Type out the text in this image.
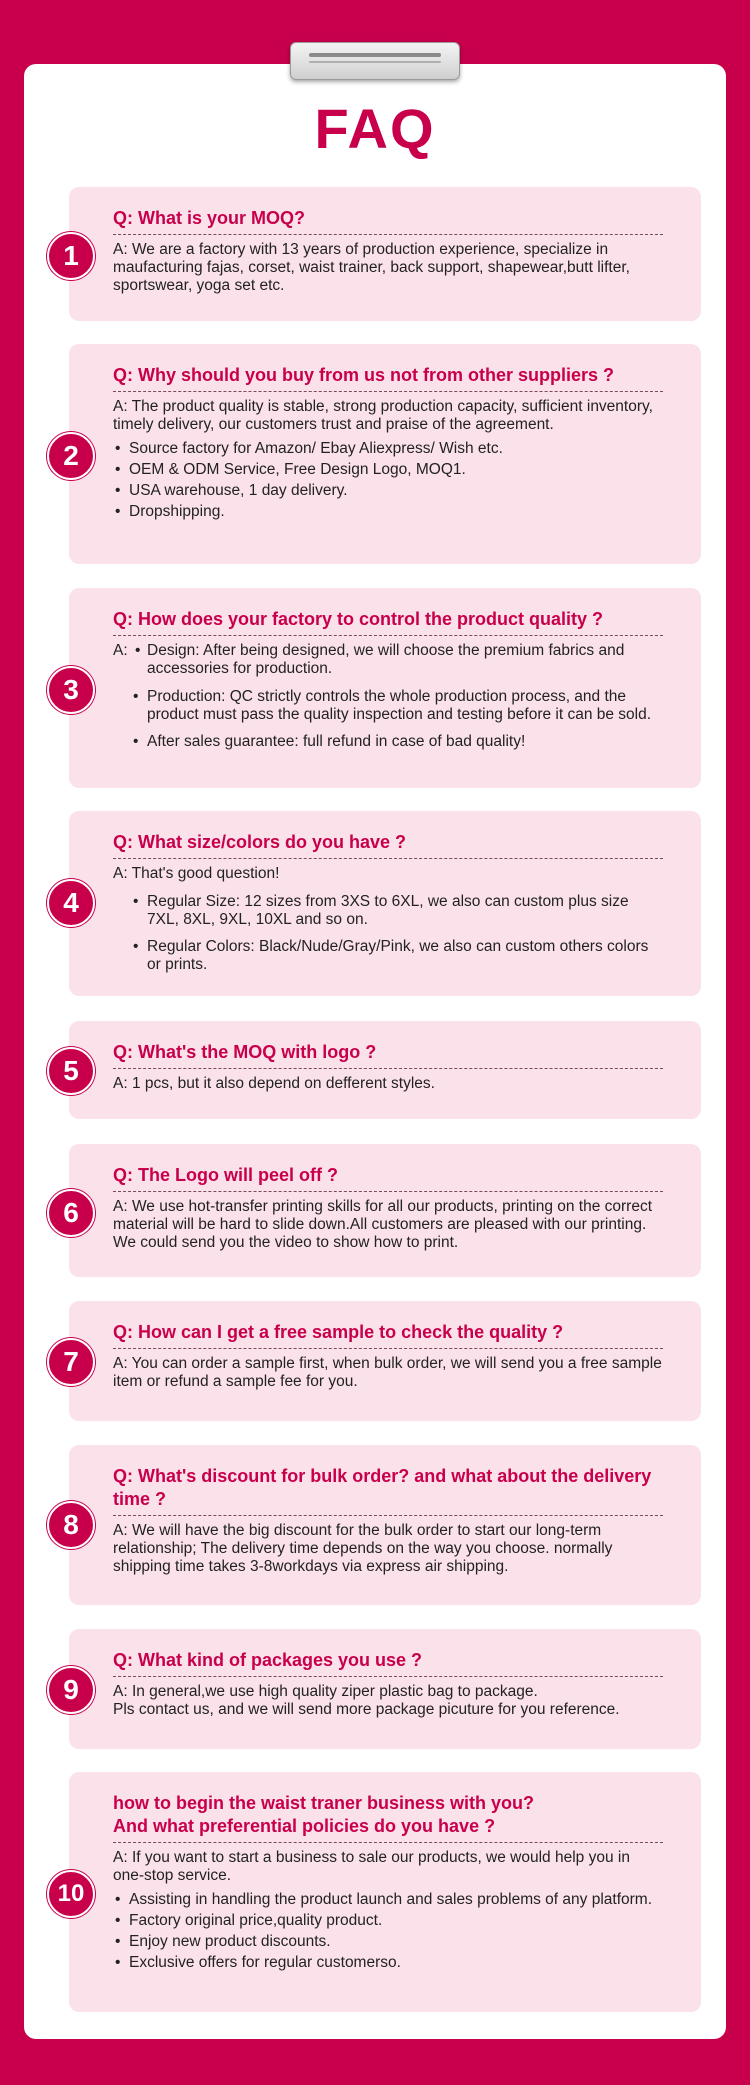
FAQ
1
Q: What is your MOQ?
A: We are a factory with 13 years of production experience, specialize in maufacturing fajas, corset, waist trainer, back support, shapewear,butt lifter, sportswear, yoga set etc.
2
Q: Why should you buy from us not from other suppliers ?
A: The product quality is stable, strong production capacity, sufficient inventory, timely delivery, our customers trust and praise of the agreement.
• Source factory for Amazon/ Ebay Aliexpress/ Wish etc.
• OEM & ODM Service, Free Design Logo, MOQ1.
• USA warehouse, 1 day delivery.
• Dropshipping.
3
Q: How does your factory to control the product quality ?
A:
•	Design: After being designed, we will choose the premium fabrics and accessories for production.
• Production: QC strictly controls the whole production process, and the product must pass the quality inspection and testing before it can be sold.
• After sales guarantee: full refund in case of bad quality!
4
Q: What size/colors do you have ?
A: That's good question!
• Regular Size: 12 sizes from 3XS to 6XL, we also can custom plus size 7XL, 8XL, 9XL, 10XL and so on.
• Regular Colors: Black/Nude/Gray/Pink, we also can custom others colors or prints.
5
Q: What's the MOQ with logo ?
A: 1 pcs, but it also depend on defferent styles.
6
Q: The Logo will peel off ?
A: We use hot-transfer printing skills for all our products, printing on the correct material will be hard to slide down.All customers are pleased with our printing. We could send you the video to show how to print.
7
Q: How can I get a free sample to check the quality ?
A: You can order a sample first, when bulk order, we will send you a free sample item or refund a sample fee for you.
8
Q: What's discount for bulk order? and what about the delivery time ?
A: We will have the big discount for the bulk order to start our long-term relationship; The delivery time depends on the way you choose. normally shipping time takes 3-8workdays via express air shipping.
9
Q: What kind of packages you use ?
A: In general,we use high quality ziper plastic bag to package.
Pls contact us, and we will send more package picuture for you reference.
10
how to begin the waist traner business with you?
And what preferential policies do you have ?
A: If you want to start a business to sale our products, we would help you in one-stop service.
• Assisting in handling the product launch and sales problems of any platform.
• Factory original price,quality product.
• Enjoy new product discounts.
• Exclusive offers for regular customerso.
